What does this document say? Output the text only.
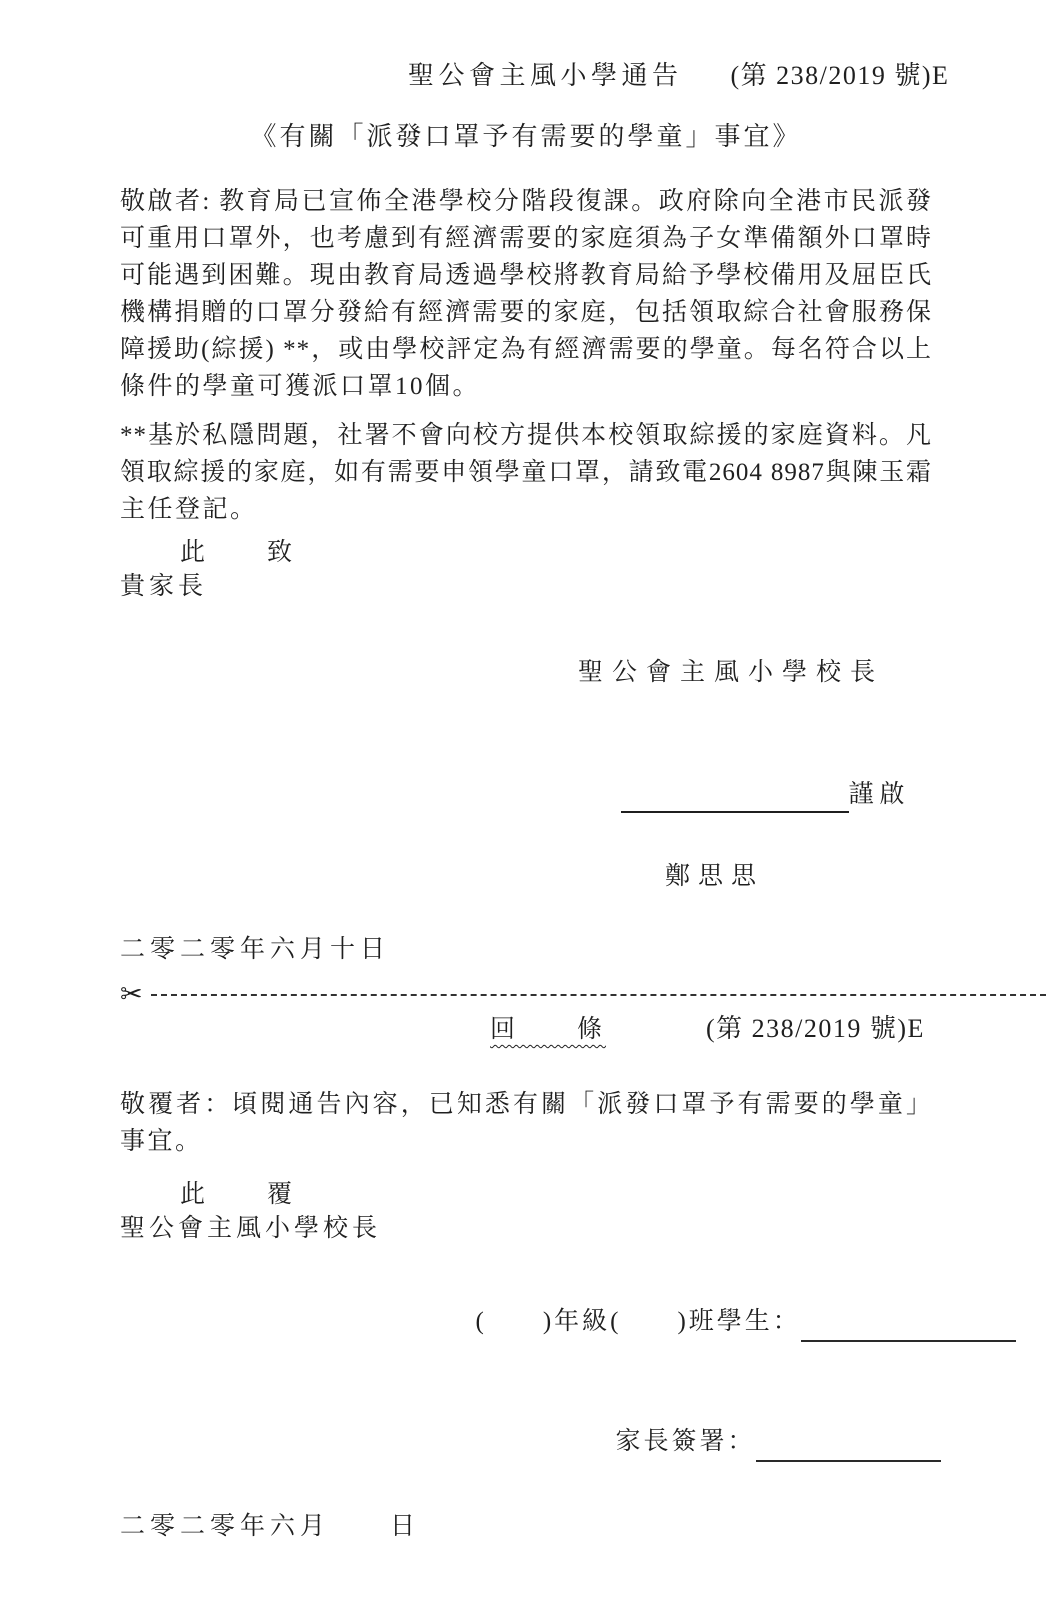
聖公會主風小學通告 (第 238/2019 號)E
《有關「派發口罩予有需要的學童」事宜》
敬啟者: 教育局已宣佈全港學校分階段復課。政府除向全港市民派發
可重用口罩外，也考慮到有經濟需要的家庭須為子女準備額外口罩時
可能遇到困難。現由教育局透過學校將教育局給予學校備用及屈臣氏
機構捐贈的口罩分發給有經濟需要的家庭，包括領取綜合社會服務保
障援助(綜援) **，或由學校評定為有經濟需要的學童。每名符合以上
條件的學童可獲派口罩10個。
**基於私隱問題，社署不會向校方提供本校領取綜援的家庭資料。凡
領取綜援的家庭，如有需要申領學童口罩，請致電2604 8987與陳玉霜
主任登記。
此　　致
貴家長
聖公會主風小學校長

謹啟

鄭思思
二零二零年六月十日
✂
回　　條	(第 238/2019 號)E
敬覆者：頃閱通告內容，已知悉有關「派發口罩予有需要的學童」
事宜。
此　　覆
聖公會主風小學校長

(　　)年級(　　)班學生：

家長簽署：

二零二零年六月　　日
